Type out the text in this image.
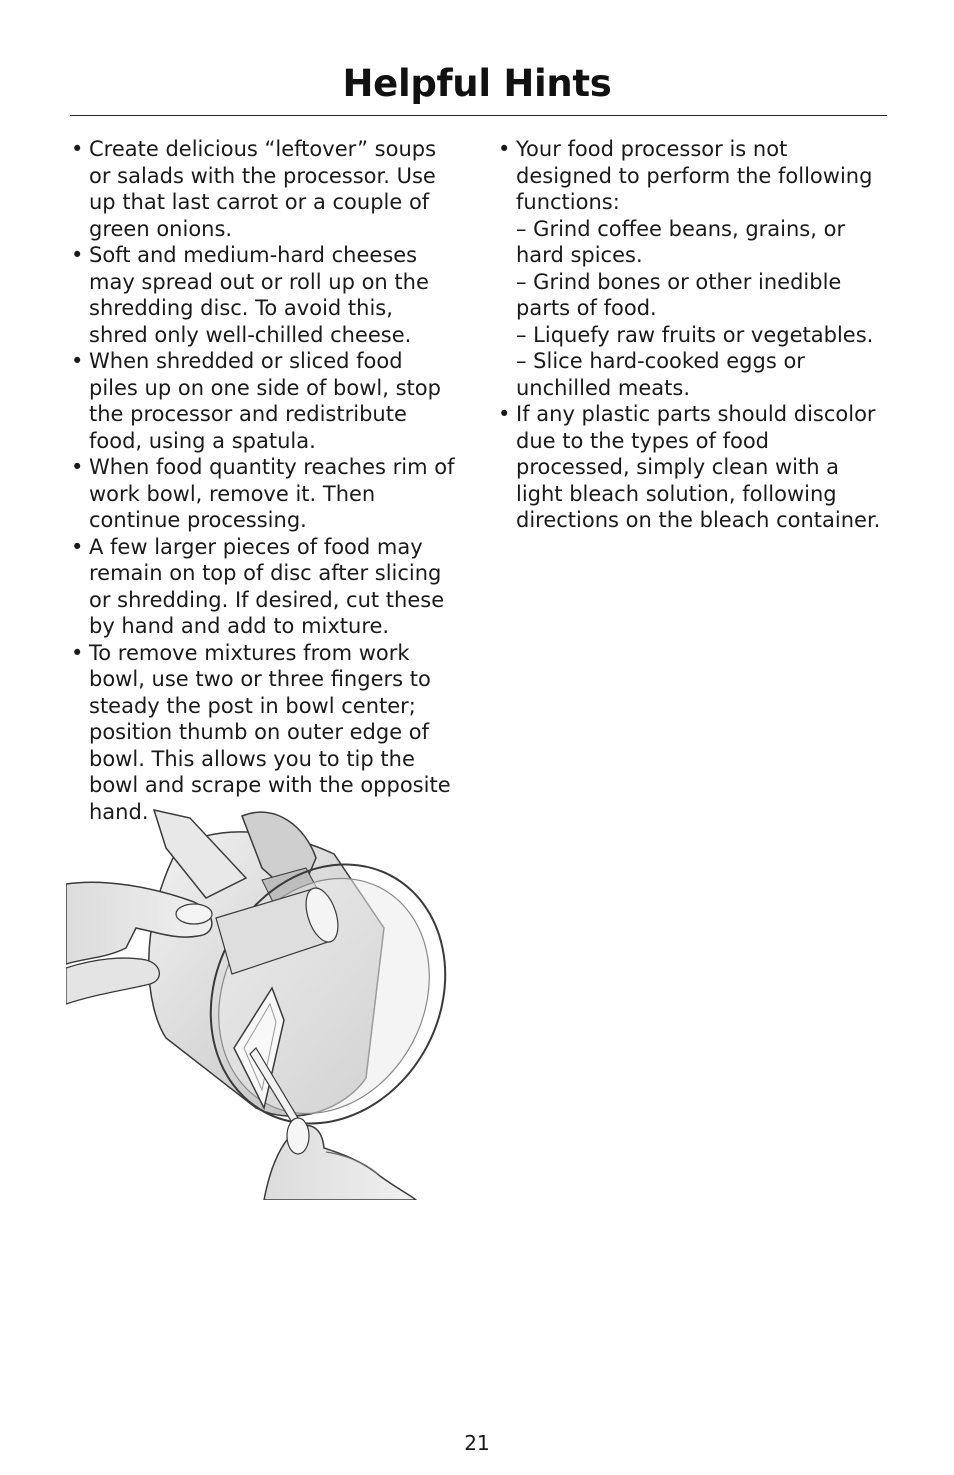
Helpful Hints
• Create delicious “leftover” soups or salads with the processor. Use up that last carrot or a couple of green onions.
• Soft and medium-hard cheeses may spread out or roll up on the shredding disc. To avoid this, shred only well-chilled cheese.
• When shredded or sliced food piles up on one side of bowl, stop the processor and redistribute food, using a spatula.
• When food quantity reaches rim of work bowl, remove it. Then continue processing.
• A few larger pieces of food may remain on top of disc after slicing or shredding. If desired, cut these by hand and add to mixture.
• To remove mixtures from work bowl, use two or three fingers to steady the post in bowl center; position thumb on outer edge of bowl. This allows you to tip the bowl and scrape with the opposite hand.
• Your food processor is not designed to perform the following functions:
– Grind coffee beans, grains, or hard spices.
– Grind bones or other inedible parts of food.
– Liquefy raw fruits or vegetables.
– Slice hard-cooked eggs or unchilled meats.
• If any plastic parts should discolor due to the types of food processed, simply clean with a light bleach solution, following directions on the bleach container.
21
